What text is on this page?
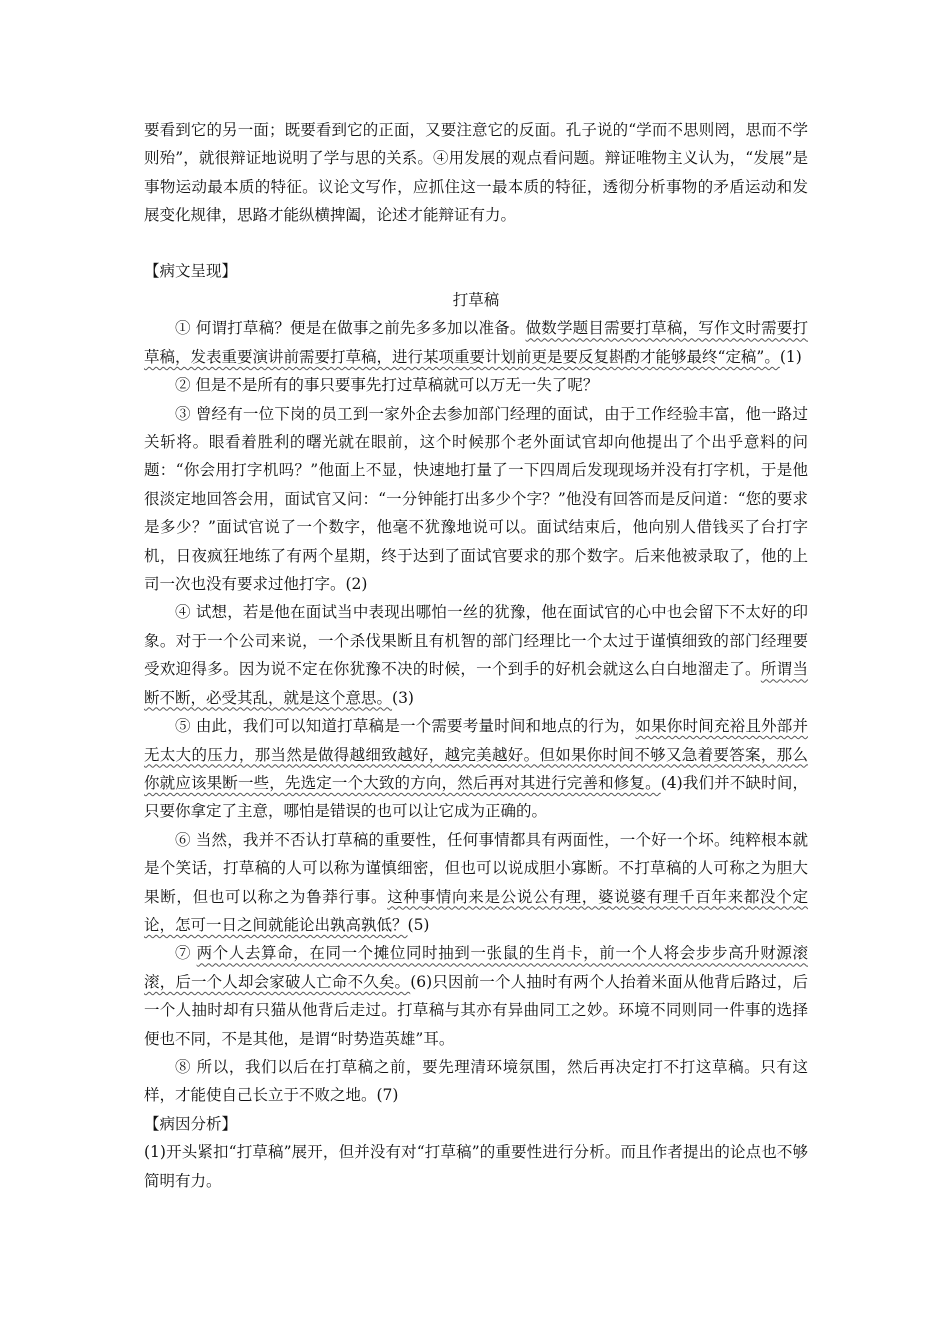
要看到它的另一面；既要看到它的正面，又要注意它的反面。孔子说的“学而不思则罔，思而不学则殆”，就很辩证地说明了学与思的关系。④用发展的观点看问题。辩证唯物主义认为，“发展”是事物运动最本质的特征。议论文写作，应抓住这一最本质的特征，透彻分析事物的矛盾运动和发展变化规律，思路才能纵横捭阖，论述才能辩证有力。

【病文呈现】

打草稿

① 何谓打草稿？便是在做事之前先多多加以准备。做数学题目需要打草稿，写作文时需要打草稿，发表重要演讲前需要打草稿，进行某项重要计划前更是要反复斟酌才能够最终“定稿”。(1)

② 但是不是所有的事只要事先打过草稿就可以万无一失了呢？

③ 曾经有一位下岗的员工到一家外企去参加部门经理的面试，由于工作经验丰富，他一路过关斩将。眼看着胜利的曙光就在眼前，这个时候那个老外面试官却向他提出了个出乎意料的问题：“你会用打字机吗？”他面上不显，快速地打量了一下四周后发现现场并没有打字机，于是他很淡定地回答会用，面试官又问：“一分钟能打出多少个字？”他没有回答而是反问道：“您的要求是多少？”面试官说了一个数字，他毫不犹豫地说可以。面试结束后，他向别人借钱买了台打字机，日夜疯狂地练了有两个星期，终于达到了面试官要求的那个数字。后来他被录取了，他的上司一次也没有要求过他打字。(2)

④ 试想，若是他在面试当中表现出哪怕一丝的犹豫，他在面试官的心中也会留下不太好的印象。对于一个公司来说，一个杀伐果断且有机智的部门经理比一个太过于谨慎细致的部门经理要受欢迎得多。因为说不定在你犹豫不决的时候，一个到手的好机会就这么白白地溜走了。所谓当断不断，必受其乱，就是这个意思。(3)

⑤ 由此，我们可以知道打草稿是一个需要考量时间和地点的行为，如果你时间充裕且外部并无太大的压力，那当然是做得越细致越好，越完美越好。但如果你时间不够又急着要答案，那么你就应该果断一些，先选定一个大致的方向，然后再对其进行完善和修复。(4)我们并不缺时间，只要你拿定了主意，哪怕是错误的也可以让它成为正确的。

⑥ 当然，我并不否认打草稿的重要性，任何事情都具有两面性，一个好一个坏。纯粹根本就是个笑话，打草稿的人可以称为谨慎细密，但也可以说成胆小寡断。不打草稿的人可称之为胆大果断，但也可以称之为鲁莽行事。这种事情向来是公说公有理，婆说婆有理千百年来都没个定论，怎可一日之间就能论出孰高孰低？(5)

⑦ 两个人去算命，在同一个摊位同时抽到一张鼠的生肖卡，前一个人将会步步高升财源滚滚，后一个人却会家破人亡命不久矣。(6)只因前一个人抽时有两个人抬着米面从他背后路过，后一个人抽时却有只猫从他背后走过。打草稿与其亦有异曲同工之妙。环境不同则同一件事的选择便也不同，不是其他，是谓“时势造英雄”耳。

⑧ 所以，我们以后在打草稿之前，要先理清环境氛围，然后再决定打不打这草稿。只有这样，才能使自己长立于不败之地。(7)

【病因分析】

(1)开头紧扣“打草稿”展开，但并没有对“打草稿”的重要性进行分析。而且作者提出的论点也不够简明有力。
